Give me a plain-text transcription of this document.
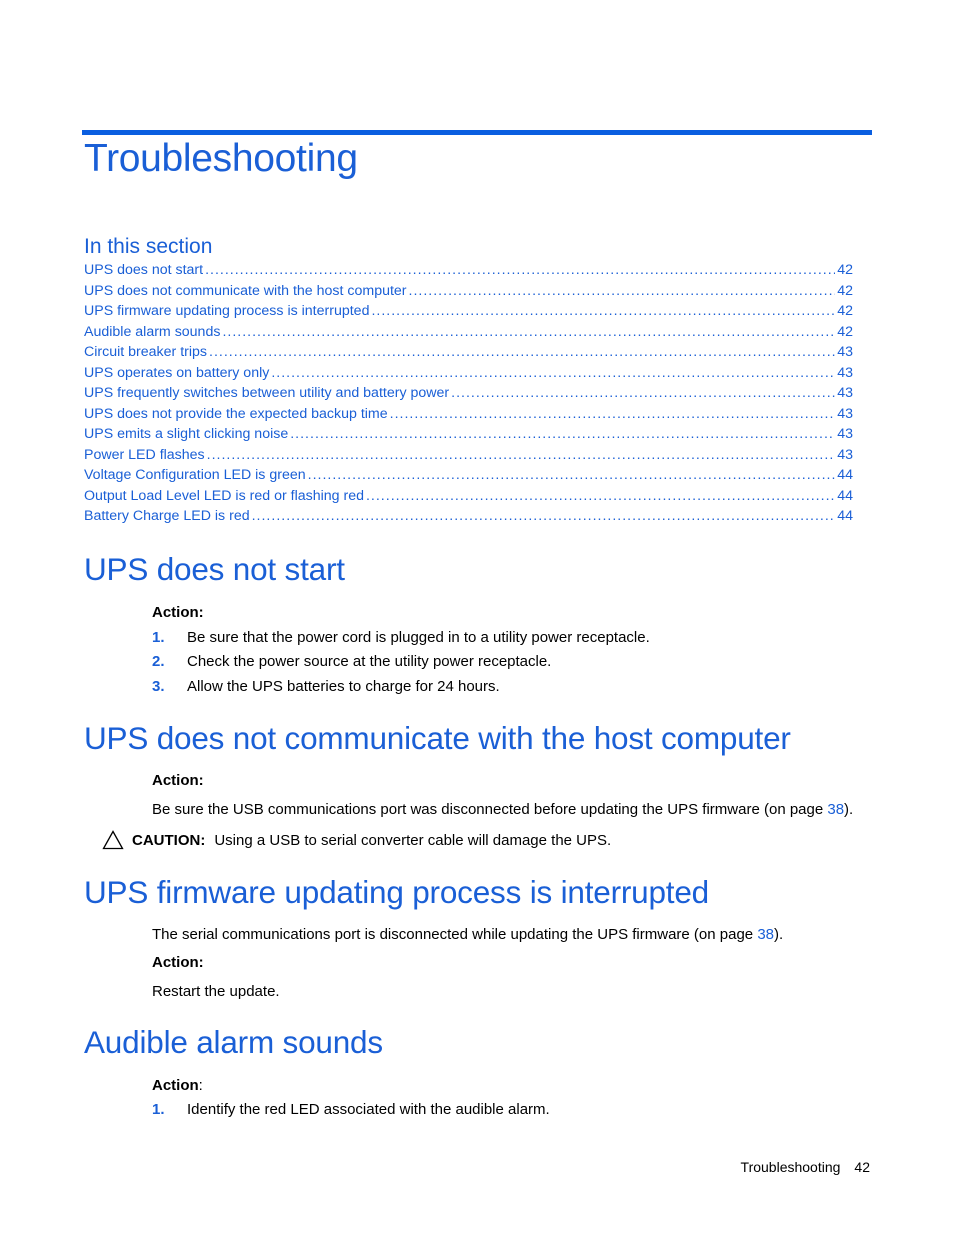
Troubleshooting
In this section
UPS does not start .....	42
UPS does not communicate with the host computer .....	42
UPS firmware updating process is interrupted .....	42
Audible alarm sounds .....	42
Circuit breaker trips .....	43
UPS operates on battery only .....	43
UPS frequently switches between utility and battery power .....	43
UPS does not provide the expected backup time .....	43
UPS emits a slight clicking noise .....	43
Power LED flashes .....	43
Voltage Configuration LED is green .....	44
Output Load Level LED is red or flashing red .....	44
Battery Charge LED is red .....	44
UPS does not start

Action:

1.	Be sure that the power cord is plugged in to a utility power receptacle.
2.	Check the power source at the utility power receptacle.
3.	Allow the UPS batteries to charge for 24 hours.
UPS does not communicate with the host computer

Action:

Be sure the USB communications port was disconnected before updating the UPS firmware (on page 38).

CAUTION: Using a USB to serial converter cable will damage the UPS.
UPS firmware updating process is interrupted

The serial communications port is disconnected while updating the UPS firmware (on page 38).

Action:

Restart the update.

Audible alarm sounds

Action:

1.	Identify the red LED associated with the audible alarm.
Troubleshooting 42
